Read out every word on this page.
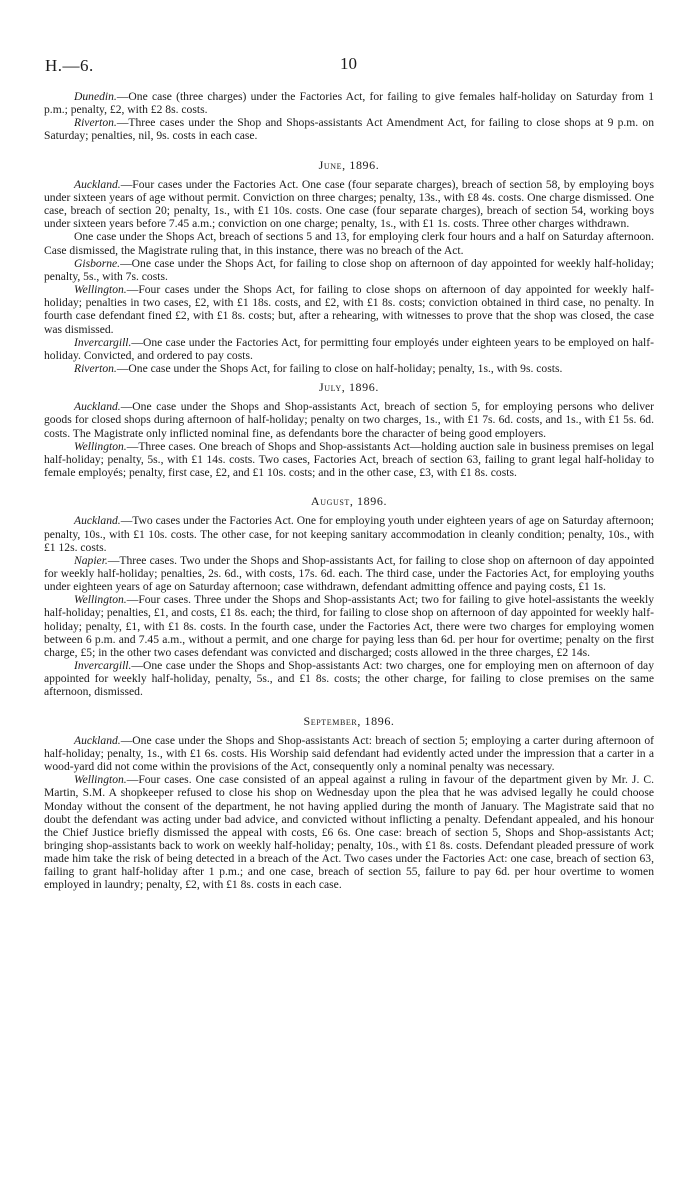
H.—6.	10

Dunedin.—One case (three charges) under the Factories Act, for failing to give females half-holiday on Saturday from 1 p.m.; penalty, £2, with £2 8s. costs.

Riverton.—Three cases under the Shop and Shops-assistants Act Amendment Act, for failing to close shops at 9 p.m. on Saturday; penalties, nil, 9s. costs in each case.

June, 1896.

Auckland.—Four cases under the Factories Act. One case (four separate charges), breach of section 58, by employing boys under sixteen years of age without permit. Conviction on three charges; penalty, 13s., with £8 4s. costs. One charge dismissed. One case, breach of section 20; penalty, 1s., with £1 10s. costs. One case (four separate charges), breach of section 54, working boys under sixteen years before 7.45 a.m.; conviction on one charge; penalty, 1s., with £1 1s. costs. Three other charges withdrawn.

One case under the Shops Act, breach of sections 5 and 13, for employing clerk four hours and a half on Saturday afternoon. Case dismissed, the Magistrate ruling that, in this instance, there was no breach of the Act.

Gisborne.—One case under the Shops Act, for failing to close shop on afternoon of day appointed for weekly half-holiday; penalty, 5s., with 7s. costs.

Wellington.—Four cases under the Shops Act, for failing to close shops on afternoon of day appointed for weekly half-holiday; penalties in two cases, £2, with £1 18s. costs, and £2, with £1 8s. costs; conviction obtained in third case, no penalty. In fourth case defendant fined £2, with £1 8s. costs; but, after a rehearing, with witnesses to prove that the shop was closed, the case was dismissed.

Invercargill.—One case under the Factories Act, for permitting four employés under eighteen years to be employed on half-holiday. Convicted, and ordered to pay costs.

Riverton.—One case under the Shops Act, for failing to close on half-holiday; penalty, 1s., with 9s. costs.

July, 1896.

Auckland.—One case under the Shops and Shop-assistants Act, breach of section 5, for employing persons who deliver goods for closed shops during afternoon of half-holiday; penalty on two charges, 1s., with £1 7s. 6d. costs, and 1s., with £1 5s. 6d. costs. The Magistrate only inflicted nominal fine, as defendants bore the character of being good employers.

Wellington.—Three cases. One breach of Shops and Shop-assistants Act—holding auction sale in business premises on legal half-holiday; penalty, 5s., with £1 14s. costs. Two cases, Factories Act, breach of section 63, failing to grant legal half-holiday to female employés; penalty, first case, £2, and £1 10s. costs; and in the other case, £3, with £1 8s. costs.

August, 1896.

Auckland.—Two cases under the Factories Act. One for employing youth under eighteen years of age on Saturday afternoon; penalty, 10s., with £1 10s. costs. The other case, for not keeping sanitary accommodation in cleanly condition; penalty, 10s., with £1 12s. costs.

Napier.—Three cases. Two under the Shops and Shop-assistants Act, for failing to close shop on afternoon of day appointed for weekly half-holiday; penalties, 2s. 6d., with costs, 17s. 6d. each. The third case, under the Factories Act, for employing youths under eighteen years of age on Saturday afternoon; case withdrawn, defendant admitting offence and paying costs, £1 1s.

Wellington.—Four cases. Three under the Shops and Shop-assistants Act; two for failing to give hotel-assistants the weekly half-holiday; penalties, £1, and costs, £1 8s. each; the third, for failing to close shop on afternoon of day appointed for weekly half-holiday; penalty, £1, with £1 8s. costs. In the fourth case, under the Factories Act, there were two charges for employing women between 6 p.m. and 7.45 a.m., without a permit, and one charge for paying less than 6d. per hour for overtime; penalty on the first charge, £5; in the other two cases defendant was convicted and discharged; costs allowed in the three charges, £2 14s.

Invercargill.—One case under the Shops and Shop-assistants Act: two charges, one for employing men on afternoon of day appointed for weekly half-holiday, penalty, 5s., and £1 8s. costs; the other charge, for failing to close premises on the same afternoon, dismissed.

September, 1896.

Auckland.—One case under the Shops and Shop-assistants Act: breach of section 5; employing a carter during afternoon of half-holiday; penalty, 1s., with £1 6s. costs. His Worship said defendant had evidently acted under the impression that a carter in a wood-yard did not come within the provisions of the Act, consequently only a nominal penalty was necessary.

Wellington.—Four cases. One case consisted of an appeal against a ruling in favour of the department given by Mr. J. C. Martin, S.M. A shopkeeper refused to close his shop on Wednesday upon the plea that he was advised legally he could choose Monday without the consent of the department, he not having applied during the month of January. The Magistrate said that no doubt the defendant was acting under bad advice, and convicted without inflicting a penalty. Defendant appealed, and his honour the Chief Justice briefly dismissed the appeal with costs, £6 6s. One case: breach of section 5, Shops and Shop-assistants Act; bringing shop-assistants back to work on weekly half-holiday; penalty, 10s., with £1 8s. costs. Defendant pleaded pressure of work made him take the risk of being detected in a breach of the Act. Two cases under the Factories Act: one case, breach of section 63, failing to grant half-holiday after 1 p.m.; and one case, breach of section 55, failure to pay 6d. per hour overtime to women employed in laundry; penalty, £2, with £1 8s. costs in each case.
